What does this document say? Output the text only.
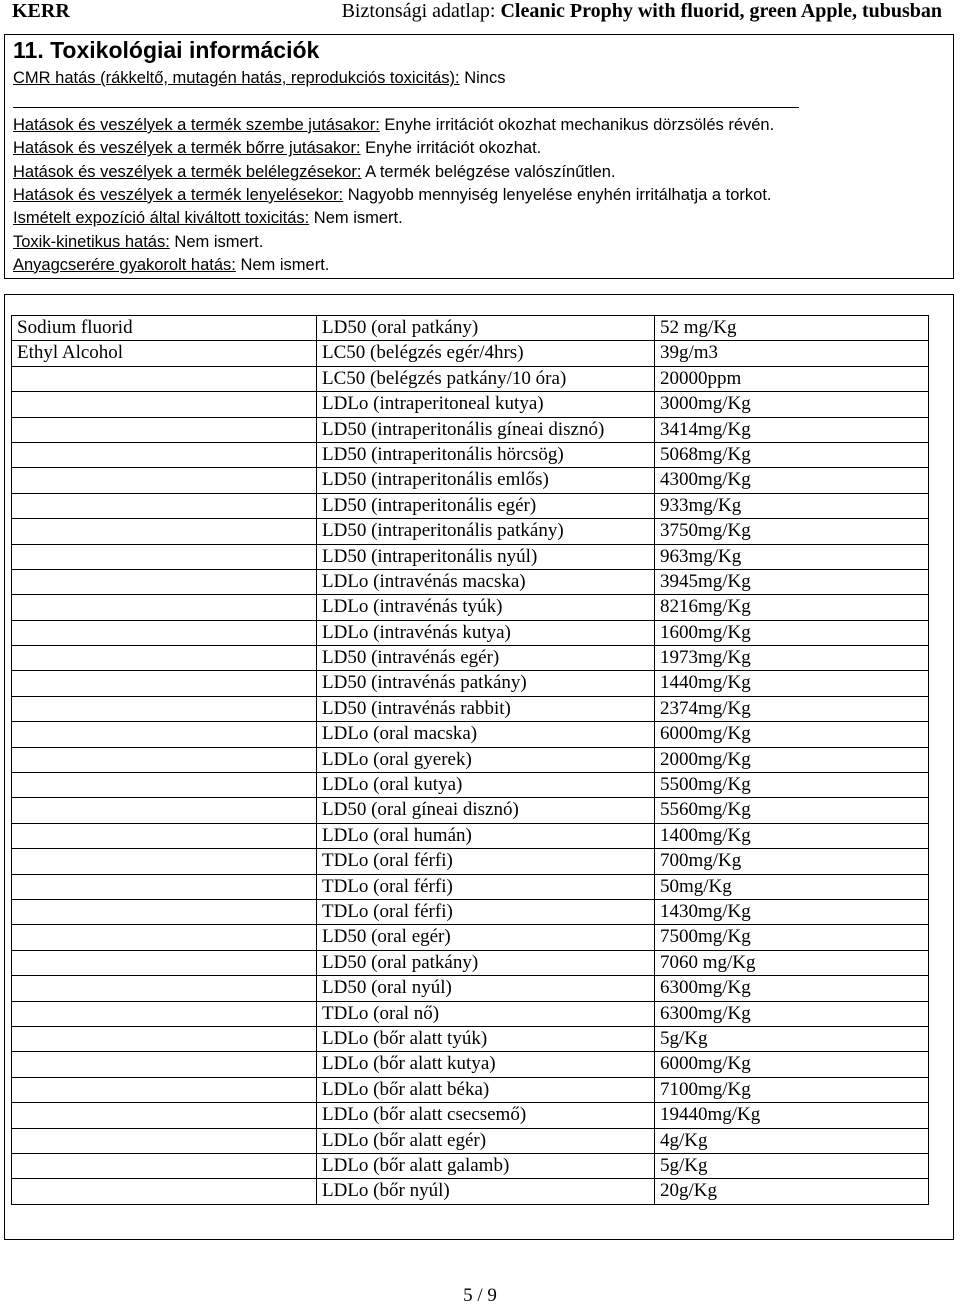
KERR	Biztonsági adatlap: Cleanic Prophy with fluorid, green Apple, tubusban
11. Toxikológiai információk
CMR hatás (rákkeltő, mutagén hatás, reprodukciós toxicitás): Nincs
Hatások és veszélyek a termék szembe jutásakor: Enyhe irritációt okozhat mechanikus dörzsölés révén.
Hatások és veszélyek a termék bőrre jutásakor: Enyhe irritációt okozhat.
Hatások és veszélyek a termék belélegzésekor: A termék belégzése valószínűtlen.
Hatások és veszélyek a termék lenyelésekor: Nagyobb mennyiség lenyelése enyhén irritálhatja a torkot.
Ismételt expozíció által kiváltott toxicitás: Nem ismert.
Toxik-kinetikus hatás: Nem ismert.
Anyagcserére gyakorolt hatás: Nem ismert.
Sodium fluorid	LD50 (oral patkány)	52 mg/Kg
Ethyl Alcohol	LC50 (belégzés egér/4hrs)	39g/m3
	LC50 (belégzés patkány/10 óra)	20000ppm
	LDLo (intraperitoneal kutya)	3000mg/Kg
	LD50 (intraperitonális gíneai disznó)	3414mg/Kg
	LD50 (intraperitonális hörcsög)	5068mg/Kg
	LD50 (intraperitonális emlős)	4300mg/Kg
	LD50 (intraperitonális egér)	933mg/Kg
	LD50 (intraperitonális patkány)	3750mg/Kg
	LD50 (intraperitonális nyúl)	963mg/Kg
	LDLo (intravénás macska)	3945mg/Kg
	LDLo (intravénás tyúk)	8216mg/Kg
	LDLo (intravénás kutya)	1600mg/Kg
	LD50 (intravénás egér)	1973mg/Kg
	LD50 (intravénás patkány)	1440mg/Kg
	LD50 (intravénás rabbit)	2374mg/Kg
	LDLo (oral macska)	6000mg/Kg
	LDLo (oral gyerek)	2000mg/Kg
	LDLo (oral kutya)	5500mg/Kg
	LD50 (oral gíneai disznó)	5560mg/Kg
	LDLo (oral humán)	1400mg/Kg
	TDLo (oral férfi)	700mg/Kg
	TDLo (oral férfi)	50mg/Kg
	TDLo (oral férfi)	1430mg/Kg
	LD50 (oral egér)	7500mg/Kg
	LD50 (oral patkány)	7060 mg/Kg
	LD50 (oral nyúl)	6300mg/Kg
	TDLo (oral nő)	6300mg/Kg
	LDLo (bőr alatt tyúk)	5g/Kg
	LDLo (bőr alatt kutya)	6000mg/Kg
	LDLo (bőr alatt béka)	7100mg/Kg
	LDLo (bőr alatt csecsemő)	19440mg/Kg
	LDLo (bőr alatt egér)	4g/Kg
	LDLo (bőr alatt galamb)	5g/Kg
	LDLo (bőr nyúl)	20g/Kg
5 / 9
